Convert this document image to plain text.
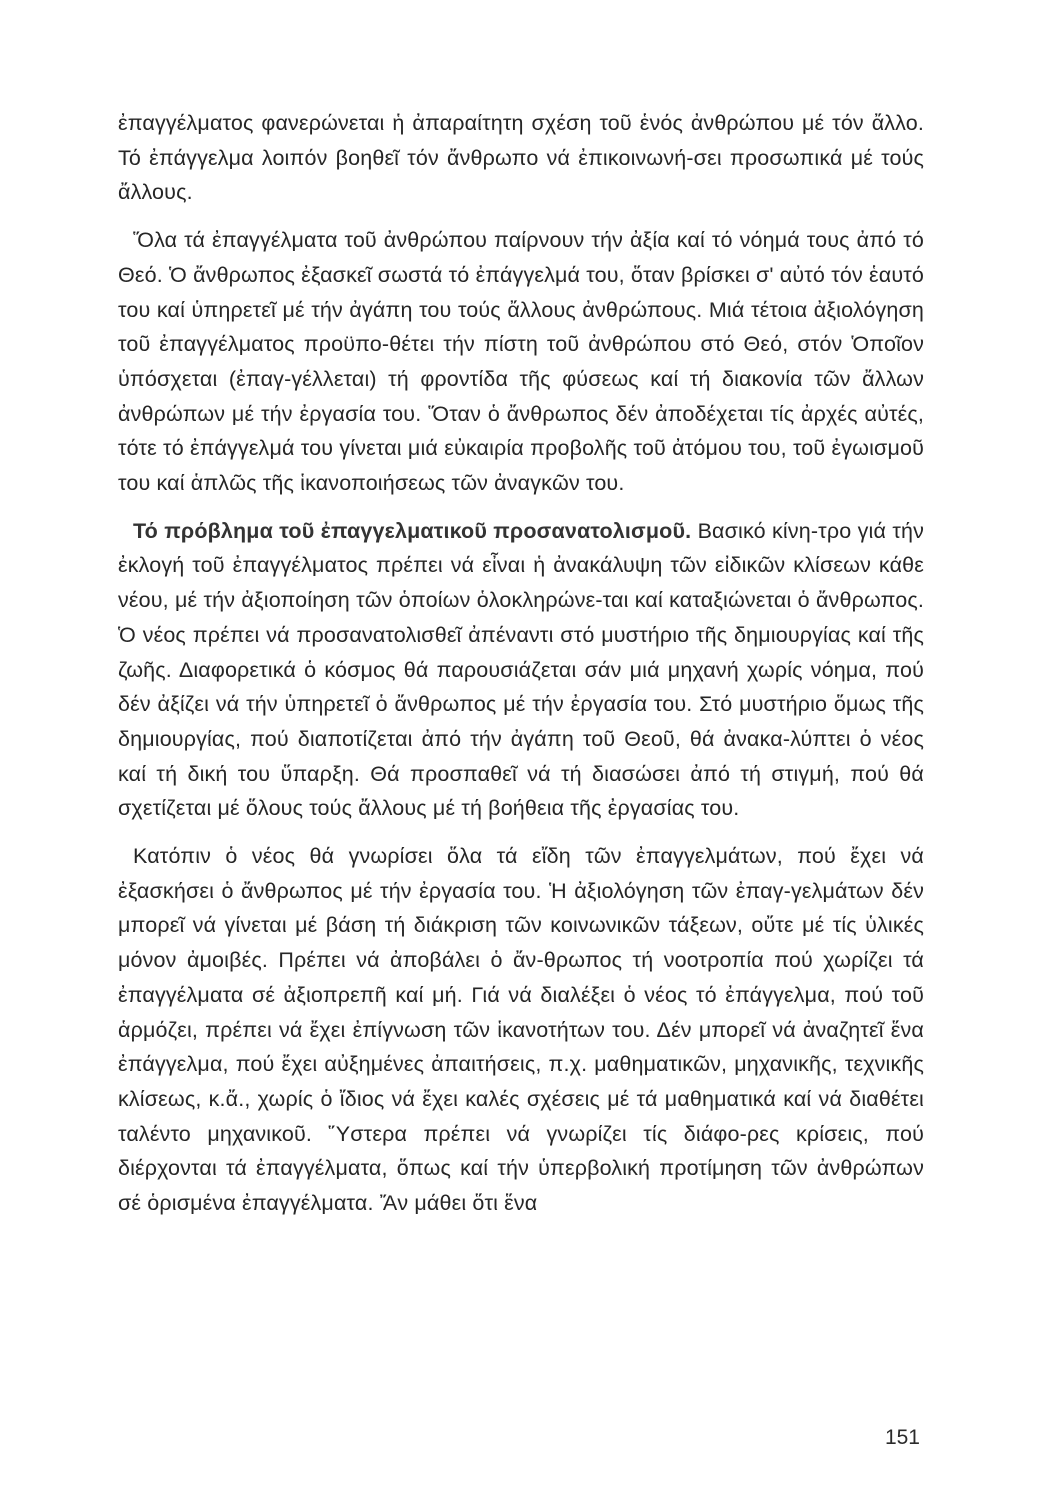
ἐπαγγέλματος φανερώνεται ἡ ἀπαραίτητη σχέση τοῦ ἑνός ἀνθρώπου μέ τόν ἄλλο. Τό ἐπάγγελμα λοιπόν βοηθεῖ τόν ἄνθρωπο νά ἐπικοινωνή-σει προσωπικά μέ τούς ἄλλους.

Ὅλα τά ἐπαγγέλματα τοῦ ἀνθρώπου παίρνουν τήν ἀξία καί τό νόημά τους ἀπό τό Θεό. Ὁ ἄνθρωπος ἐξασκεῖ σωστά τό ἐπάγγελμά του, ὅταν βρίσκει σ' αὐτό τόν ἑαυτό του καί ὑπηρετεῖ μέ τήν ἀγάπη του τούς ἄλλους ἀνθρώπους. Μιά τέτοια ἀξιολόγηση τοῦ ἐπαγγέλματος προϋπο-θέτει τήν πίστη τοῦ ἀνθρώπου στό Θεό, στόν Ὁποῖον ὑπόσχεται (ἐπαγ-γέλλεται) τή φροντίδα τῆς φύσεως καί τή διακονία τῶν ἄλλων ἀνθρώπων μέ τήν ἐργασία του. Ὅταν ὁ ἄνθρωπος δέν ἀποδέχεται τίς ἀρχές αὐτές, τότε τό ἐπάγγελμά του γίνεται μιά εὐκαιρία προβολῆς τοῦ ἀτόμου του, τοῦ ἐγωισμοῦ του καί ἁπλῶς τῆς ἱκανοποιήσεως τῶν ἀναγκῶν του.

Τό πρόβλημα τοῦ ἐπαγγελματικοῦ προσανατολισμοῦ. Βασικό κίνη-τρο γιά τήν ἐκλογή τοῦ ἐπαγγέλματος πρέπει νά εἶναι ἡ ἀνακάλυψη τῶν εἰδικῶν κλίσεων κάθε νέου, μέ τήν ἀξιοποίηση τῶν ὁποίων ὁλοκληρώνε-ται καί καταξιώνεται ὁ ἄνθρωπος. Ὁ νέος πρέπει νά προσανατολισθεῖ ἀπέναντι στό μυστήριο τῆς δημιουργίας καί τῆς ζωῆς. Διαφορετικά ὁ κόσμος θά παρουσιάζεται σάν μιά μηχανή χωρίς νόημα, πού δέν ἀξίζει νά τήν ὑπηρετεῖ ὁ ἄνθρωπος μέ τήν ἐργασία του. Στό μυστήριο ὅμως τῆς δημιουργίας, πού διαποτίζεται ἀπό τήν ἀγάπη τοῦ Θεοῦ, θά ἀνακα-λύπτει ὁ νέος καί τή δική του ὕπαρξη. Θά προσπαθεῖ νά τή διασώσει ἀπό τή στιγμή, πού θά σχετίζεται μέ ὅλους τούς ἄλλους μέ τή βοήθεια τῆς ἐργασίας του.

Κατόπιν ὁ νέος θά γνωρίσει ὅλα τά εἴδη τῶν ἐπαγγελμάτων, πού ἔχει νά ἐξασκήσει ὁ ἄνθρωπος μέ τήν ἐργασία του. Ἡ ἀξιολόγηση τῶν ἐπαγ-γελμάτων δέν μπορεῖ νά γίνεται μέ βάση τή διάκριση τῶν κοινωνικῶν τάξεων, οὔτε μέ τίς ὑλικές μόνον ἀμοιβές. Πρέπει νά ἀποβάλει ὁ ἄν-θρωπος τή νοοτροπία πού χωρίζει τά ἐπαγγέλματα σέ ἀξιοπρεπῆ καί μή. Γιά νά διαλέξει ὁ νέος τό ἐπάγγελμα, πού τοῦ ἁρμόζει, πρέπει νά ἔχει ἐπίγνωση τῶν ἱκανοτήτων του. Δέν μπορεῖ νά ἀναζητεῖ ἕνα ἐπάγγελμα, πού ἔχει αὐξημένες ἀπαιτήσεις, π.χ. μαθηματικῶν, μηχανικῆς, τεχνικῆς κλίσεως, κ.ἄ., χωρίς ὁ ἴδιος νά ἔχει καλές σχέσεις μέ τά μαθηματικά καί νά διαθέτει ταλέντο μηχανικοῦ. Ὕστερα πρέπει νά γνωρίζει τίς διάφο-ρες κρίσεις, πού διέρχονται τά ἐπαγγέλματα, ὅπως καί τήν ὑπερβολική προτίμηση τῶν ἀνθρώπων σέ ὁρισμένα ἐπαγγέλματα. Ἄν μάθει ὅτι ἕνα

151
